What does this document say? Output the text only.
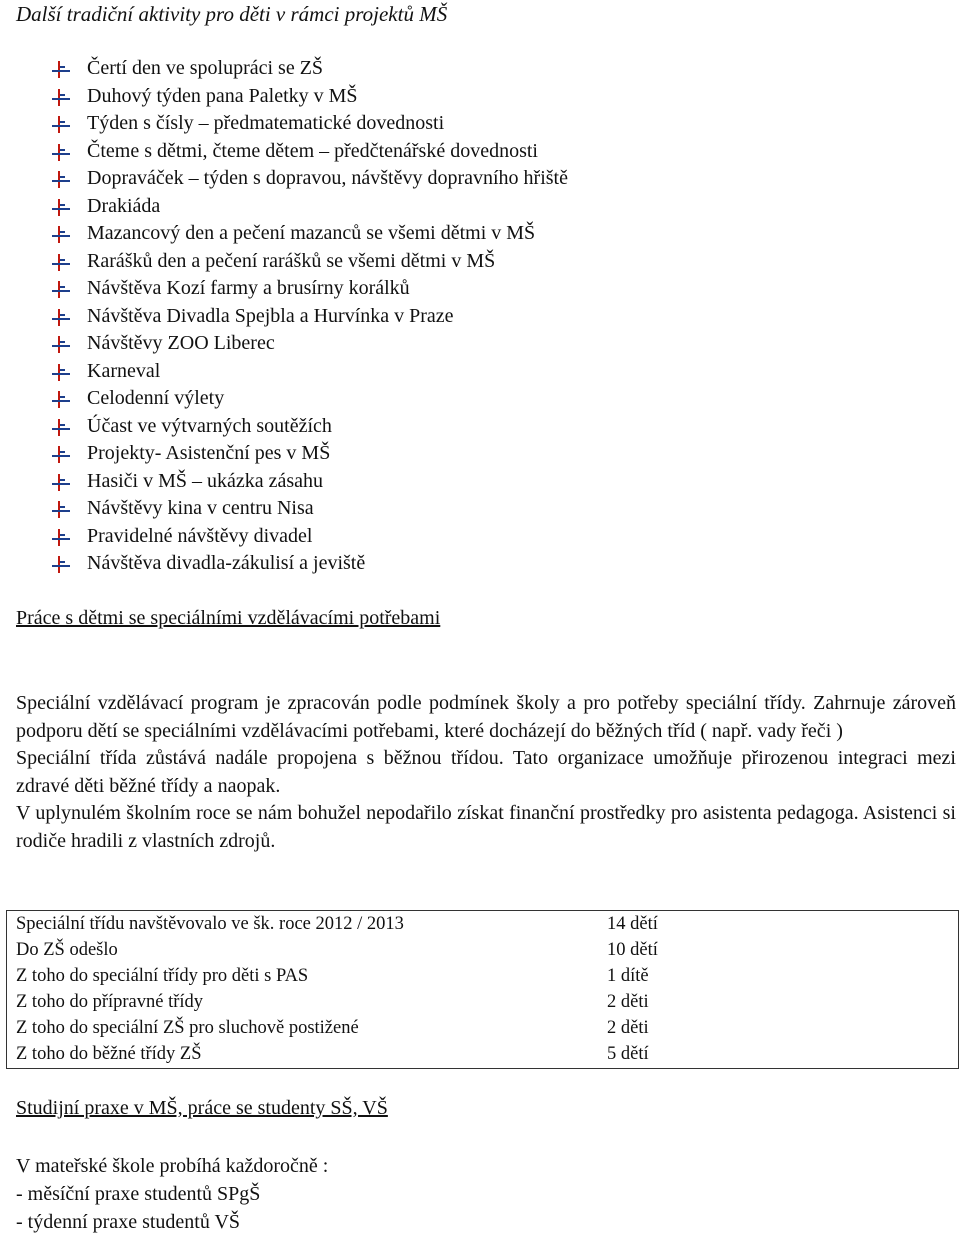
Další tradiční aktivity pro děti v rámci projektů MŠ
Čertí den ve spolupráci se ZŠ
Duhový týden pana Paletky v MŠ
Týden s čísly – předmatematické dovednosti
Čteme s dětmi, čteme dětem – předčtenářské dovednosti
Dopraváček – týden s dopravou, návštěvy dopravního hřiště
Drakiáda
Mazancový den a pečení mazanců se všemi dětmi v MŠ
Rarášků den a pečení rarášků se všemi dětmi v MŠ
Návštěva Kozí farmy a brusírny korálků
Návštěva Divadla Spejbla a Hurvínka v Praze
Návštěvy ZOO Liberec
Karneval
Celodenní výlety
Účast ve výtvarných soutěžích
Projekty- Asistenční pes v MŠ
Hasiči v MŠ – ukázka zásahu
Návštěvy kina v centru Nisa
Pravidelné návštěvy divadel
Návštěva divadla-zákulisí a jeviště
Práce s dětmi se speciálními vzdělávacími potřebami

Speciální vzdělávací program je zpracován podle podmínek školy a pro potřeby speciální třídy. Zahrnuje zároveň podporu dětí se speciálními vzdělávacími potřebami, které docházejí do běžných tříd ( např. vady řeči )

Speciální třída zůstává nadále propojena s běžnou třídou. Tato organizace umožňuje přirozenou integraci mezi zdravé děti běžné třídy a naopak.

V uplynulém školním roce se nám bohužel nepodařilo získat finanční prostředky pro asistenta pedagoga. Asistenci si rodiče hradili z vlastních zdrojů.

Speciální třídu navštěvovalo ve šk. roce 2012 / 2013	14 dětí
Do ZŠ odešlo	10 dětí
Z toho do speciální třídy pro děti s PAS	1 dítě
Z toho do přípravné třídy	2 děti
Z toho do speciální ZŠ pro sluchově postižené	2 děti
Z toho do běžné třídy ZŠ	5 dětí
Studijní praxe v MŠ, práce se studenty SŠ, VŠ
V mateřské škole probíhá každoročně :
- měsíční praxe studentů SPgŠ
- týdenní praxe studentů VŠ
